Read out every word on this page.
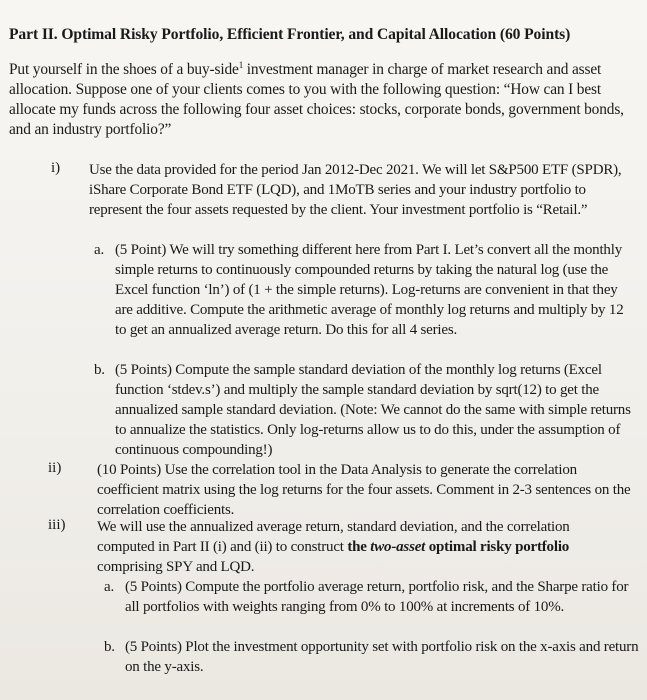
Part II. Optimal Risky Portfolio, Efficient Frontier, and Capital Allocation (60 Points)
Put yourself in the shoes of a buy-side$^1$ investment manager in charge of market research and asset allocation. Suppose one of your clients comes to you with the following question: “How can I best allocate my funds across the following four asset choices: stocks, corporate bonds, government bonds, and an industry portfolio?”
i) Use the data provided for the period Jan 2012-Dec 2021. We will let S&P500 ETF (SPDR), iShare Corporate Bond ETF (LQD), and 1MoTB series and your industry portfolio to represent the four assets requested by the client. Your investment portfolio is “Retail.”
a. (5 Point) We will try something different here from Part I. Let’s convert all the monthly simple returns to continuously compounded returns by taking the natural log (use the Excel function ‘ln’) of (1 + the simple returns). Log-returns are convenient in that they are additive. Compute the arithmetic average of monthly log returns and multiply by 12 to get an annualized average return. Do this for all 4 series.
b. (5 Points) Compute the sample standard deviation of the monthly log returns (Excel function ‘stdev.s’) and multiply the sample standard deviation by sqrt(12) to get the annualized sample standard deviation. (Note: We cannot do the same with simple returns to annualize the statistics. Only log-returns allow us to do this, under the assumption of continuous compounding!)
ii) (10 Points) Use the correlation tool in the Data Analysis to generate the correlation coefficient matrix using the log returns for the four assets. Comment in 2-3 sentences on the correlation coefficients.
iii) We will use the annualized average return, standard deviation, and the correlation computed in Part II (i) and (ii) to construct the two-asset optimal risky portfolio comprising SPY and LQD.
a. (5 Points) Compute the portfolio average return, portfolio risk, and the Sharpe ratio for all portfolios with weights ranging from 0% to 100% at increments of 10%.
b. (5 Points) Plot the investment opportunity set with portfolio risk on the x-axis and return on the y-axis.
